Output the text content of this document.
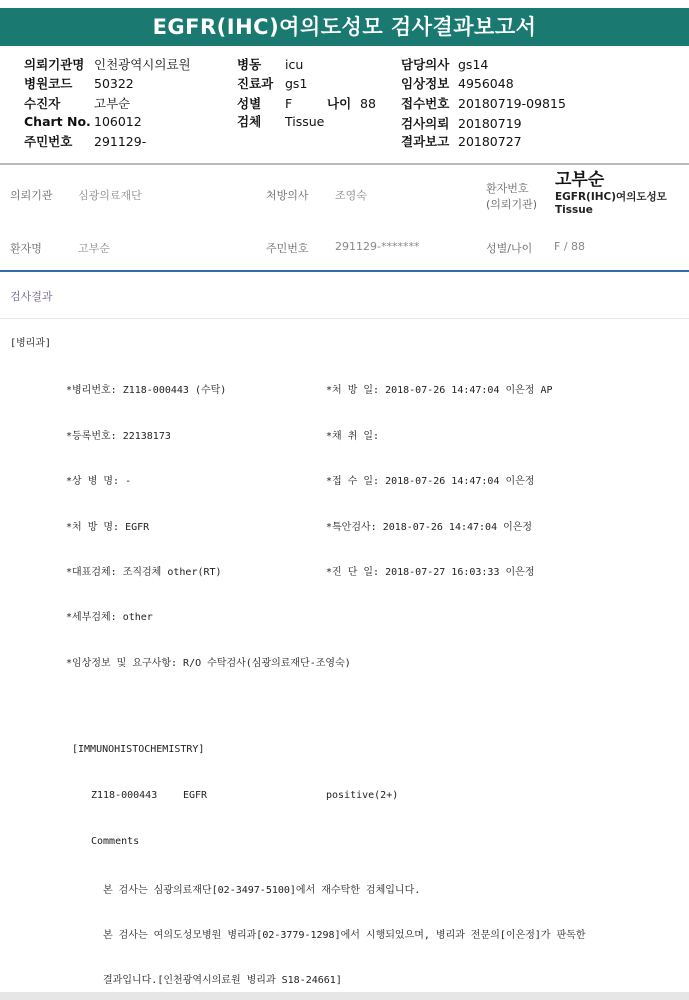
EGFR(IHC)여의도성모 검사결과보고서
의뢰기관명 인천광역시의료원
병원코드 50322
수진자	고부순
Chart No. 106012
주민번호 291129-
병동 icu
진료과 gs1
성별 F	나이 88
검체 Tissue
담당의사 gs14
임상정보 4956048
접수번호 20180719-09815
검사의뢰 20180719
결과보고 20180727
의뢰기관 심광의료재단	처방의사 조영숙
환자번호
(의뢰기관)
고부순
EGFR(IHC)여의도성모
Tissue
환자명	고부순	주민번호 291129-*******	성별/나이 F / 88
검사결과
[병리과]
*병리번호: Z118-000443 (수탁)
*등록번호: 22138173
*상 병 명: -
*처 방 명: EGFR
*대표검체: 조직검체 other(RT)
*세부검체: other
*임상정보 및 요구사항: R/O 수탁검사(심광의료재단-조영숙)
*처 방 일: 2018-07-26 14:47:04 이은정 AP
*채 취 일:
*접 수 일: 2018-07-26 14:47:04 이은정
*특안검사: 2018-07-26 14:47:04 이은정
*진 단 일: 2018-07-27 16:03:33 이은정
[IMMUNOHISTOCHEMISTRY]
Z118-000443	EGFR	positive(2+)
Comments
본 검사는 심광의료재단[02-3497-5100]에서 재수탁한 검체입니다.
본 검사는 여의도성모병원 병리과[02-3779-1298]에서 시행되었으며, 병리과 전문의[이은정]가 판독한
결과입니다.[인천광역시의료원 병리과 S18-24661]
